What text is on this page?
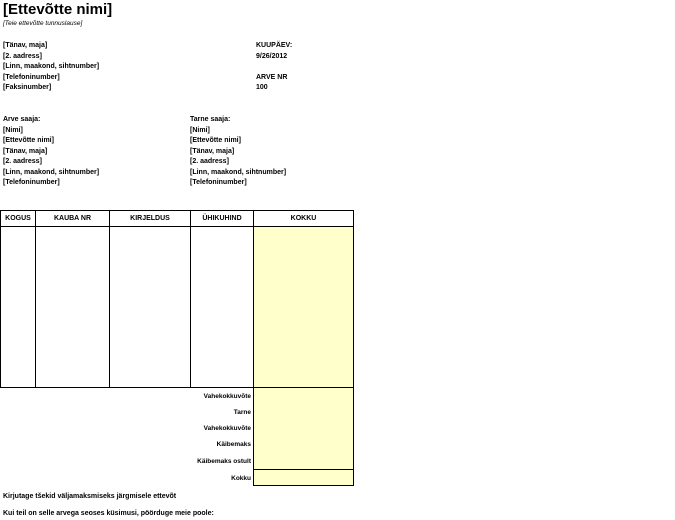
[Ettevõtte nimi]
[Teie ettevõtte tunnuslause]
[Tänav, maja]
[2. aadress]
[Linn, maakond, sihtnumber]
[Telefoninumber]
[Faksinumber]
KUUPÄEV:
9/26/2012
ARVE NR
100
Arve saaja:
[Nimi]
[Ettevõtte nimi]
[Tänav, maja]
[2. aadress]
[Linn, maakond, sihtnumber]
[Telefoninumber]
Tarne saaja:
[Nimi]
[Ettevõtte nimi]
[Tänav, maja]
[2. aadress]
[Linn, maakond, sihtnumber]
[Telefoninumber]
KOGUS	KAUBA NR	KIRJELDUS	ÜHIKUHIND	KOKKU
Vahekokkuvõte
Tarne
Vahekokkuvõte
Käibemaks
Käibemaks ostult
Kokku
Kirjutage tšekid väljamaksmiseks järgmisele ettevõt
Kui teil on selle arvega seoses küsimusi, pöörduge meie poole:
